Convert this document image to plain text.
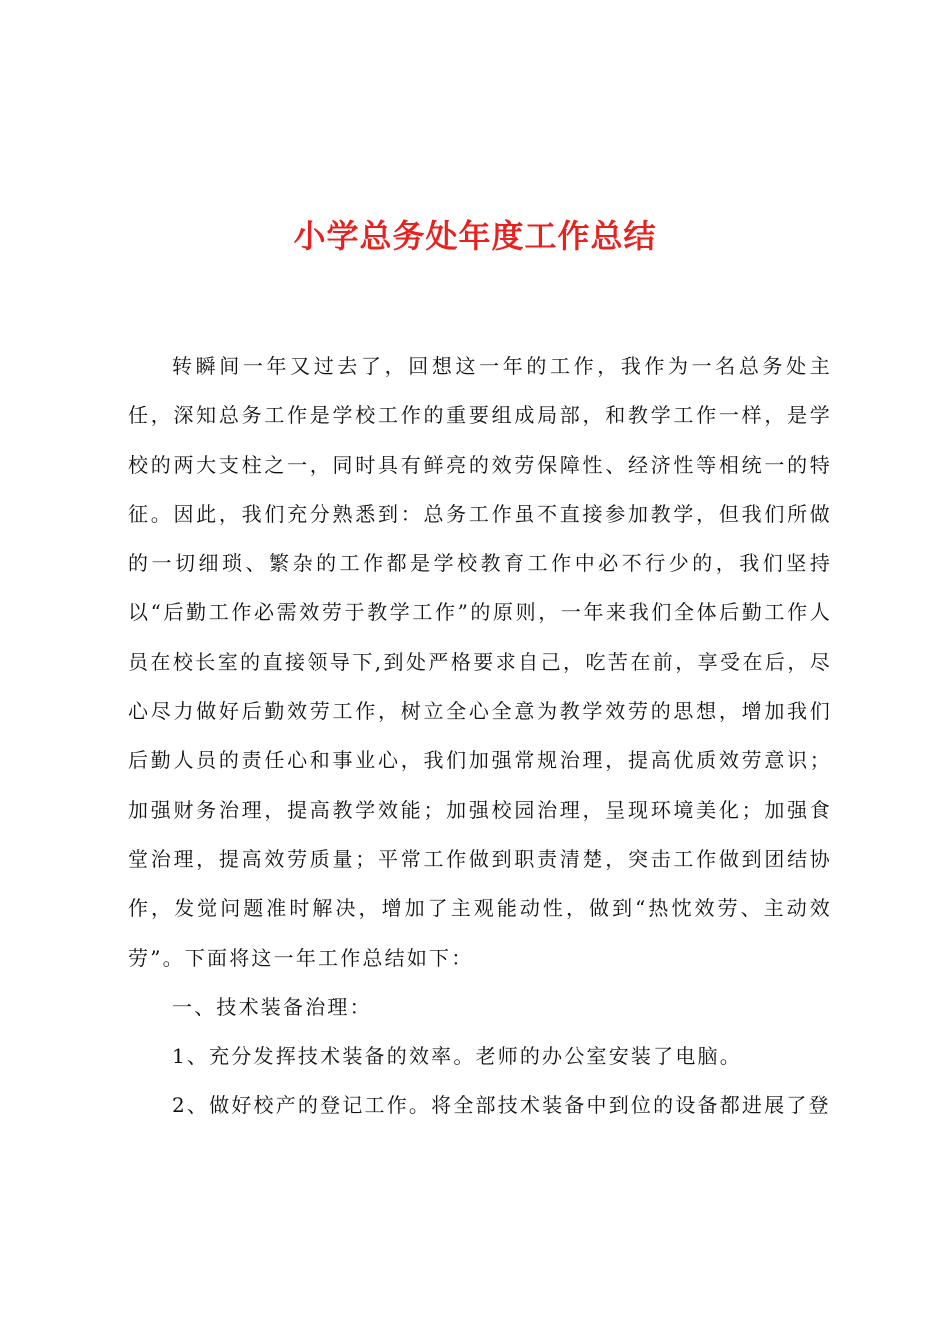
小学总务处年度工作总结

转瞬间一年又过去了，回想这一年的工作，我作为一名总务处主任，深知总务工作是学校工作的重要组成局部，和教学工作一样，是学校的两大支柱之一，同时具有鲜亮的效劳保障性、经济性等相统一的特征。因此，我们充分熟悉到：总务工作虽不直接参加教学，但我们所做的一切细琐、繁杂的工作都是学校教育工作中必不行少的，我们坚持以“后勤工作必需效劳于教学工作”的原则，一年来我们全体后勤工作人员在校长室的直接领导下,到处严格要求自己，吃苦在前，享受在后，尽心尽力做好后勤效劳工作，树立全心全意为教学效劳的思想，增加我们后勤人员的责任心和事业心，我们加强常规治理，提高优质效劳意识；加强财务治理，提高教学效能；加强校园治理，呈现环境美化；加强食堂治理，提高效劳质量；平常工作做到职责清楚，突击工作做到团结协作，发觉问题准时解决，增加了主观能动性，做到“热忱效劳、主动效劳”。下面将这一年工作总结如下：

一、技术装备治理：

1、充分发挥技术装备的效率。老师的办公室安装了电脑。

2、做好校产的登记工作。将全部技术装备中到位的设备都进展了登
